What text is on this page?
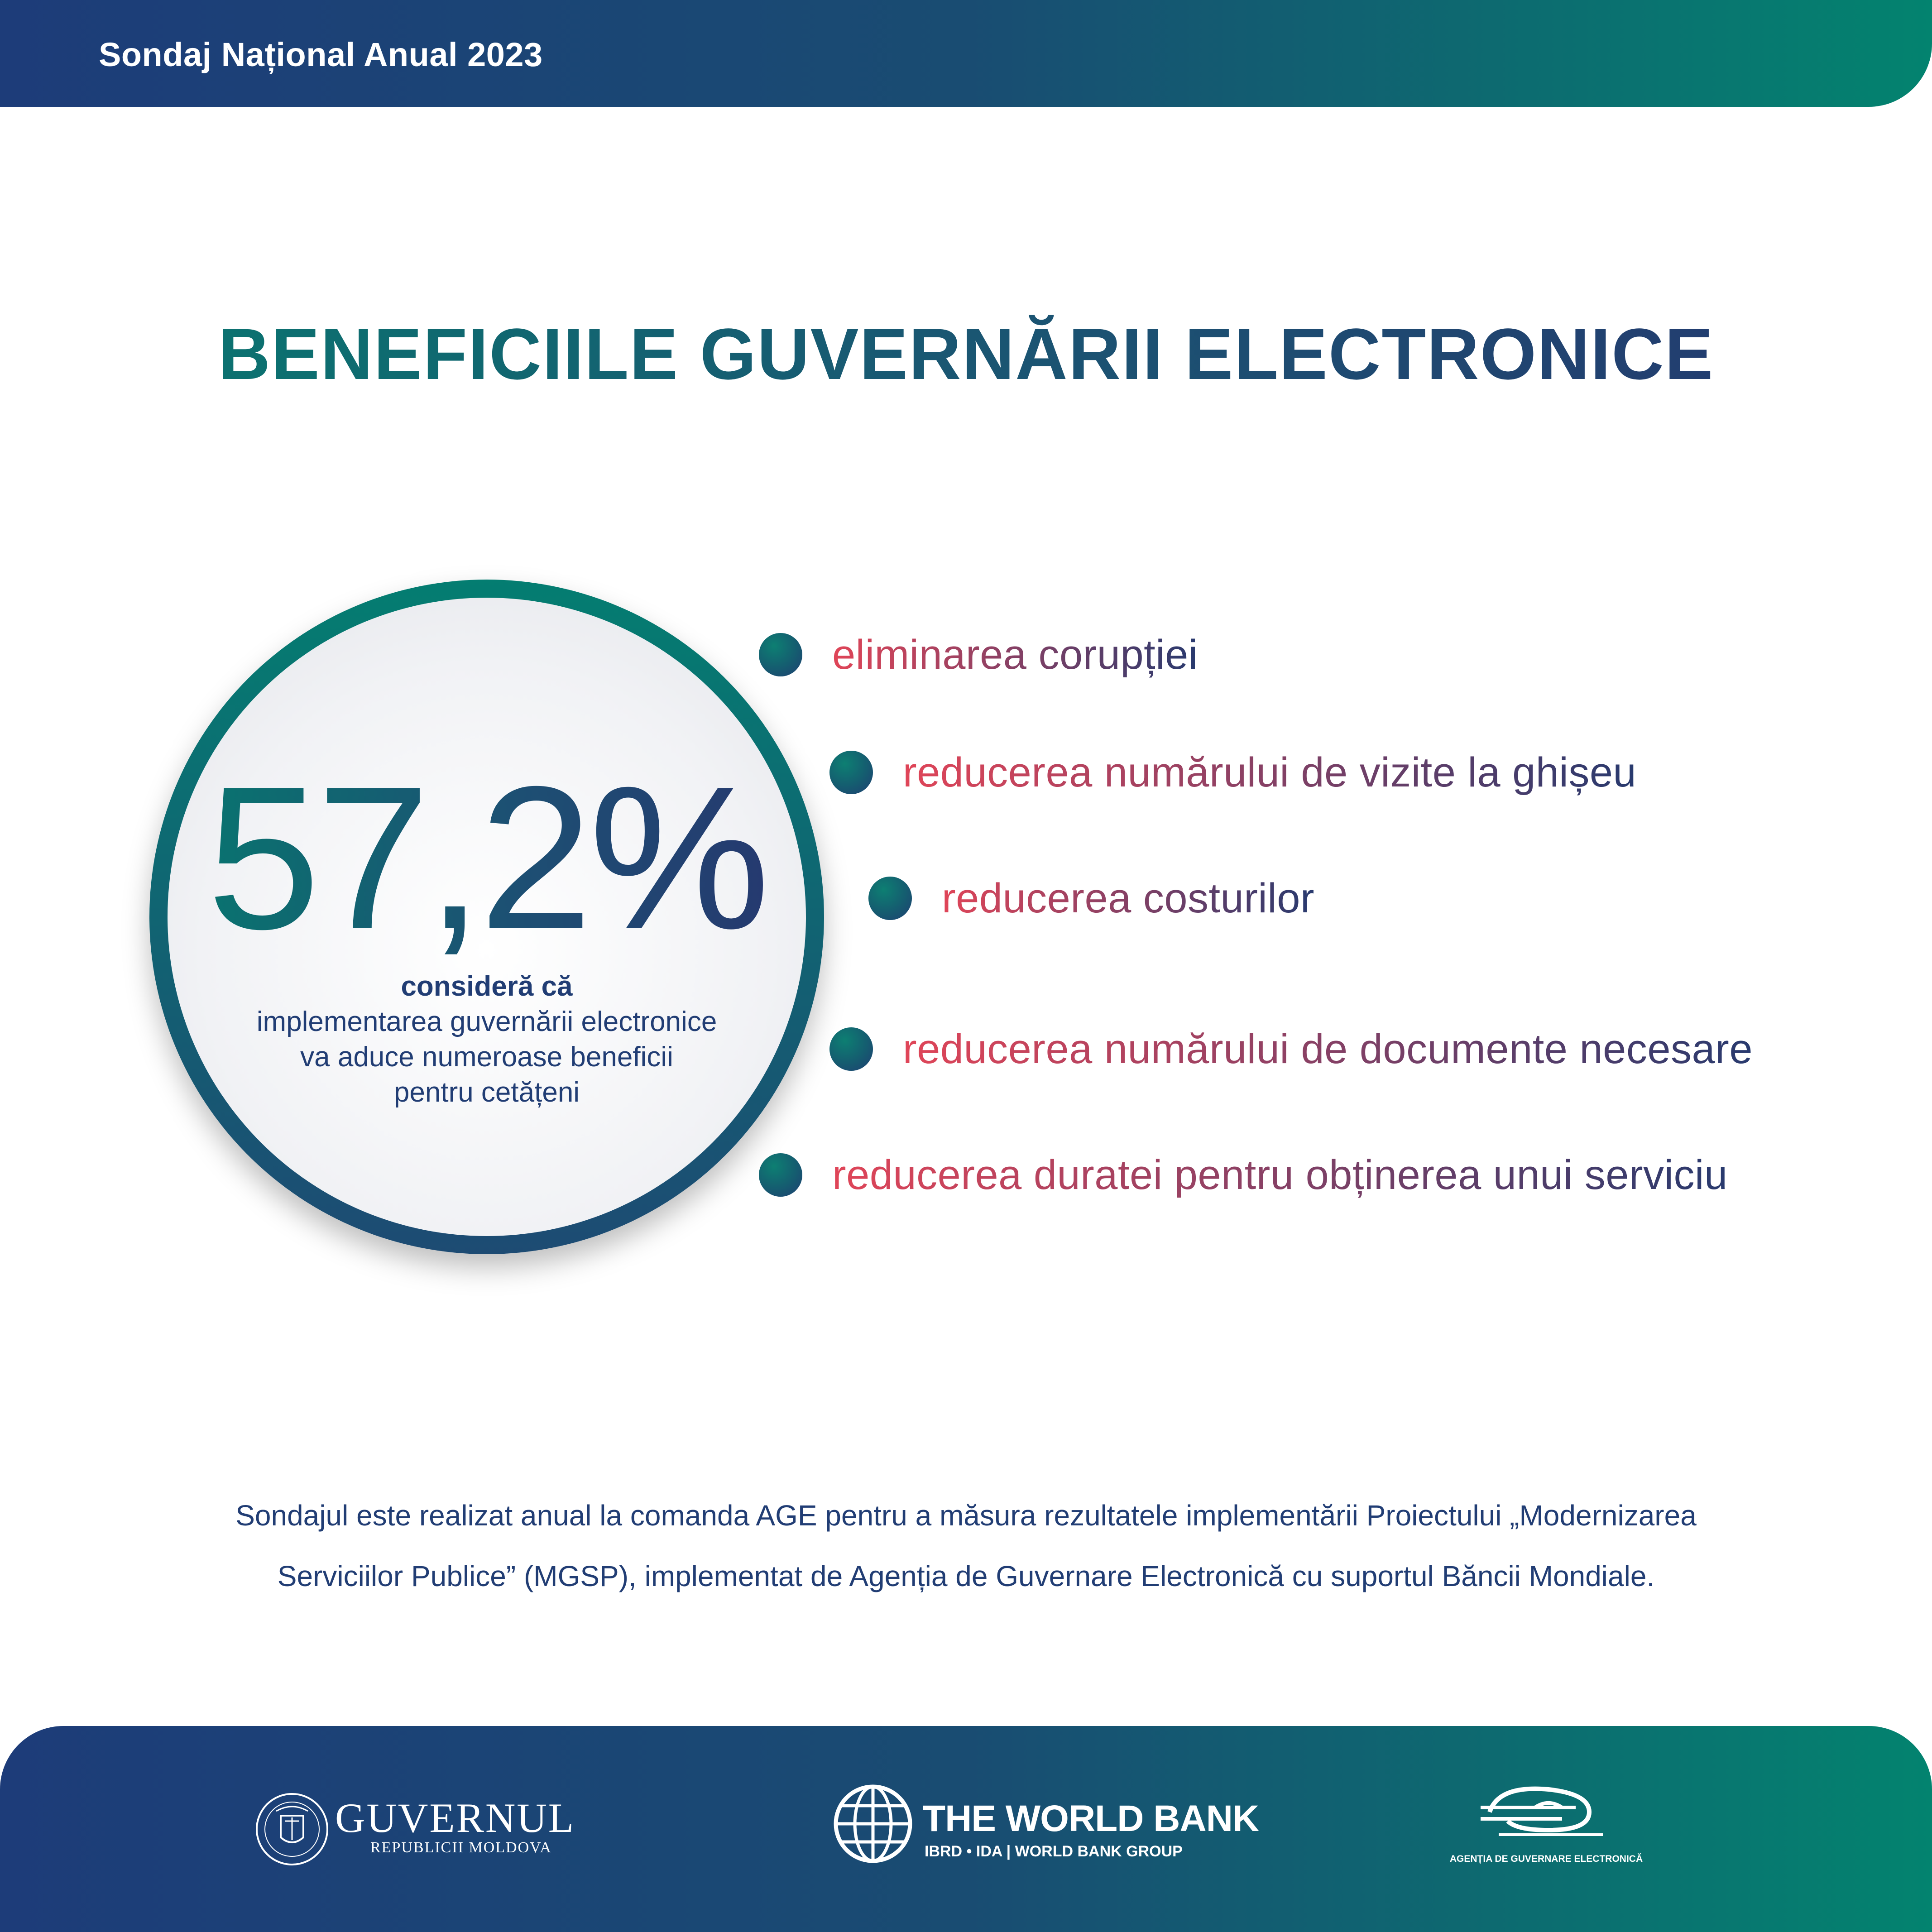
Sondaj Național Anual 2023
BENEFICIILE GUVERNĂRII ELECTRONICE
57,2%
consideră că
implementarea guvernării electronice
va aduce numeroase beneficii
pentru cetățeni
eliminarea corupției
reducerea numărului de vizite la ghișeu
reducerea costurilor
reducerea numărului de documente necesare
reducerea duratei pentru obținerea unui serviciu
Sondajul este realizat anual la comanda AGE pentru a măsura rezultatele implementării Proiectului „Modernizarea
Serviciilor Publice” (MGSP), implementat de Agenția de Guvernare Electronică cu suportul Băncii Mondiale.
GUVERNUL
REPUBLICII MOLDOVA
THE WORLD BANK
IBRD • IDA | WORLD BANK GROUP	AGENȚIA DE GUVERNARE ELECTRONICĂ
